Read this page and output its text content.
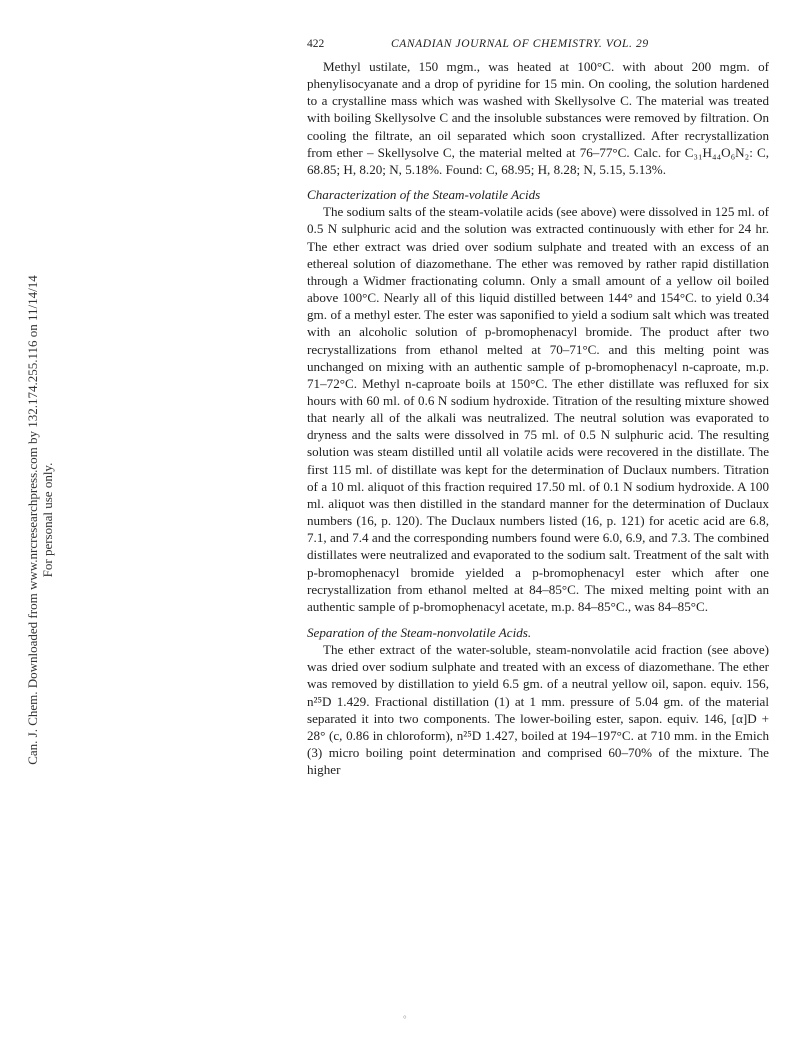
Can. J. Chem. Downloaded from www.nrcresearchpress.com by 132.174.255.116 on 11/14/14 For personal use only.
422	CANADIAN JOURNAL OF CHEMISTRY. VOL. 29

Methyl ustilate, 150 mgm., was heated at 100°C. with about 200 mgm. of phenylisocyanate and a drop of pyridine for 15 min. On cooling, the solution hardened to a crystalline mass which was washed with Skellysolve C. The material was treated with boiling Skellysolve C and the insoluble substances were removed by filtration. On cooling the filtrate, an oil separated which soon crystallized. After recrystallization from ether – Skellysolve C, the material melted at 76–77°C. Calc. for C₃₁H₄₄O₆N₂: C, 68.85; H, 8.20; N, 5.18%. Found: C, 68.95; H, 8.28; N, 5.15, 5.13%.

Characterization of the Steam-volatile Acids

The sodium salts of the steam-volatile acids (see above) were dissolved in 125 ml. of 0.5 N sulphuric acid and the solution was extracted continuously with ether for 24 hr. The ether extract was dried over sodium sulphate and treated with an excess of an ethereal solution of diazomethane. The ether was removed by rather rapid distillation through a Widmer fractionating column. Only a small amount of a yellow oil boiled above 100°C. Nearly all of this liquid distilled between 144° and 154°C. to yield 0.34 gm. of a methyl ester. The ester was saponified to yield a sodium salt which was treated with an alcoholic solution of p-bromophenacyl bromide. The product after two recrystallizations from ethanol melted at 70–71°C. and this melting point was unchanged on mixing with an authentic sample of p-bromophenacyl n-caproate, m.p. 71–72°C. Methyl n-caproate boils at 150°C. The ether distillate was refluxed for six hours with 60 ml. of 0.6 N sodium hydroxide. Titration of the resulting mixture showed that nearly all of the alkali was neutralized. The neutral solution was evaporated to dryness and the salts were dissolved in 75 ml. of 0.5 N sulphuric acid. The resulting solution was steam distilled until all volatile acids were recovered in the distillate. The first 115 ml. of distillate was kept for the determination of Duclaux numbers. Titration of a 10 ml. aliquot of this fraction required 17.50 ml. of 0.1 N sodium hydroxide. A 100 ml. aliquot was then distilled in the standard manner for the determination of Duclaux numbers (16, p. 120). The Duclaux numbers listed (16, p. 121) for acetic acid are 6.8, 7.1, and 7.4 and the corresponding numbers found were 6.0, 6.9, and 7.3. The combined distillates were neutralized and evaporated to the sodium salt. Treatment of the salt with p-bromophenacyl bromide yielded a p-bromophenacyl ester which after one recrystallization from ethanol melted at 84–85°C. The mixed melting point with an authentic sample of p-bromophenacyl acetate, m.p. 84–85°C., was 84–85°C.

Separation of the Steam-nonvolatile Acids.

The ether extract of the water-soluble, steam-nonvolatile acid fraction (see above) was dried over sodium sulphate and treated with an excess of diazomethane. The ether was removed by distillation to yield 6.5 gm. of a neutral yellow oil, sapon. equiv. 156, n²⁵D 1.429. Fractional distillation (1) at 1 mm. pressure of 5.04 gm. of the material separated it into two components. The lower-boiling ester, sapon. equiv. 146, [α]D + 28° (c, 0.86 in chloroform), n²⁵D 1.427, boiled at 194–197°C. at 710 mm. in the Emich (3) micro boiling point determination and comprised 60–70% of the mixture. The higher

°
